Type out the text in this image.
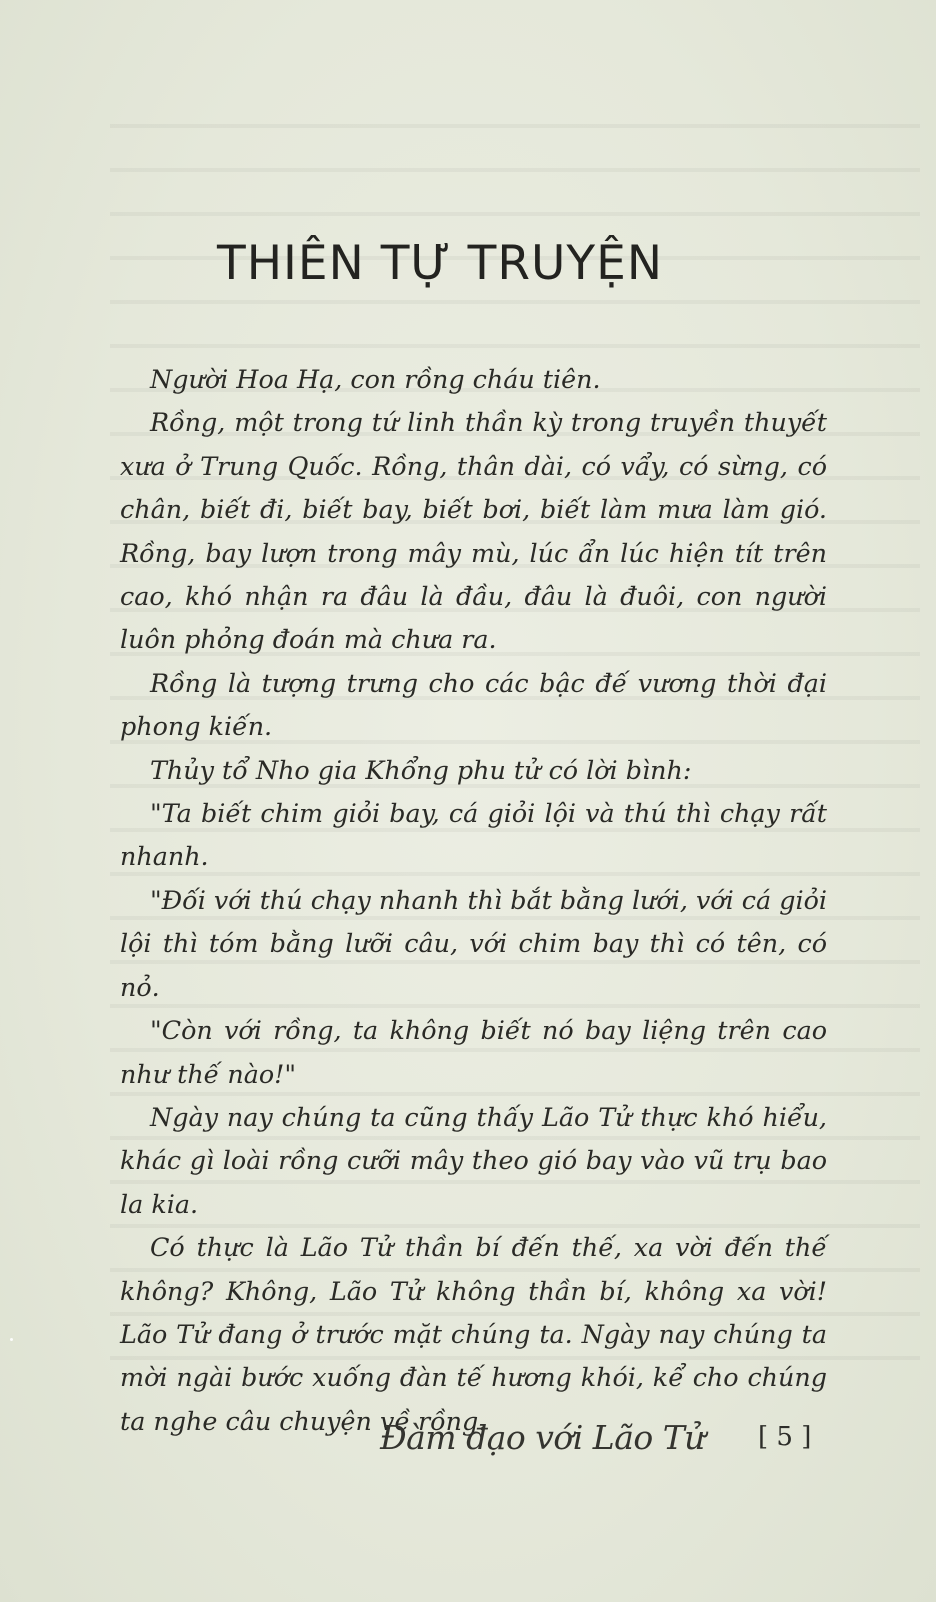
THIÊN TỰ TRUYỆN

Người Hoa Hạ, con rồng cháu tiên.

Rồng, một trong tứ linh thần kỳ trong truyền thuyết xưa ở Trung Quốc. Rồng, thân dài, có vẩy, có sừng, có chân, biết đi, biết bay, biết bơi, biết làm mưa làm gió. Rồng, bay lượn trong mây mù, lúc ẩn lúc hiện tít trên cao, khó nhận ra đâu là đầu, đâu là đuôi, con người luôn phỏng đoán mà chưa ra.

Rồng là tượng trưng cho các bậc đế vương thời đại phong kiến.

Thủy tổ Nho gia Khổng phu tử có lời bình:

"Ta biết chim giỏi bay, cá giỏi lội và thú thì chạy rất nhanh.

"Đối với thú chạy nhanh thì bắt bằng lưới, với cá giỏi lội thì tóm bằng lưỡi câu, với chim bay thì có tên, có nỏ.

"Còn với rồng, ta không biết nó bay liệng trên cao như thế nào!"

Ngày nay chúng ta cũng thấy Lão Tử thực khó hiểu, khác gì loài rồng cưỡi mây theo gió bay vào vũ trụ bao la kia.

Có thực là Lão Tử thần bí đến thế, xa vời đến thế không? Không, Lão Tử không thần bí, không xa vời! Lão Tử đang ở trước mặt chúng ta. Ngày nay chúng ta mời ngài bước xuống đàn tế hương khói, kể cho chúng ta nghe câu chuyện về rồng.

Đàm đạo với Lão Tử	[ 5 ]
